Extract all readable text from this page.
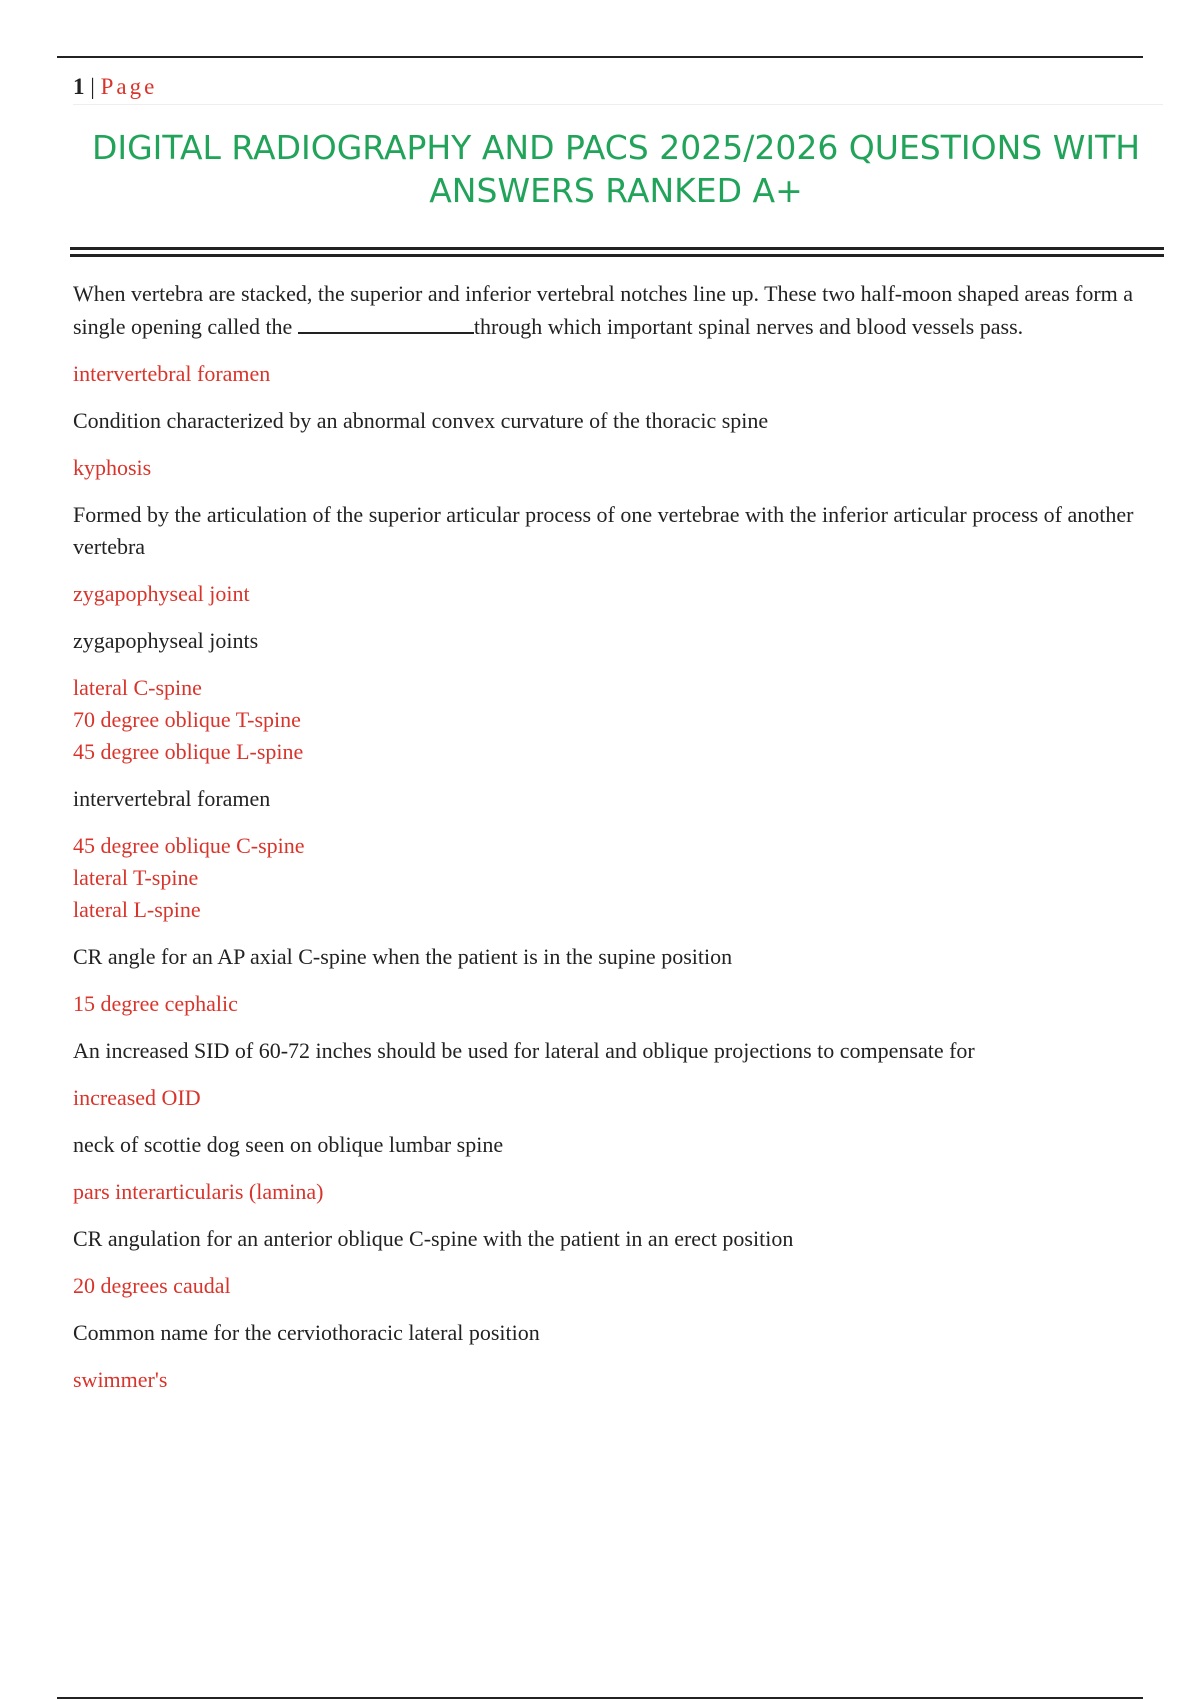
1 | Page
DIGITAL RADIOGRAPHY AND PACS 2025/2026 QUESTIONS WITH ANSWERS RANKED A+

When vertebra are stacked, the superior and inferior vertebral notches line up. These two half-moon shaped areas form a single opening called the	through which important spinal nerves and blood vessels pass.

intervertebral foramen

Condition characterized by an abnormal convex curvature of the thoracic spine

kyphosis

Formed by the articulation of the superior articular process of one vertebrae with the inferior articular process of another vertebra

zygapophyseal joint

zygapophyseal joints

lateral C-spine
70 degree oblique T-spine
45 degree oblique L-spine

intervertebral foramen

45 degree oblique C-spine
lateral T-spine
lateral L-spine

CR angle for an AP axial C-spine when the patient is in the supine position

15 degree cephalic

An increased SID of 60-72 inches should be used for lateral and oblique projections to compensate for

increased OID

neck of scottie dog seen on oblique lumbar spine

pars interarticularis (lamina)

CR angulation for an anterior oblique C-spine with the patient in an erect position

20 degrees caudal

Common name for the cerviothoracic lateral position

swimmer's
